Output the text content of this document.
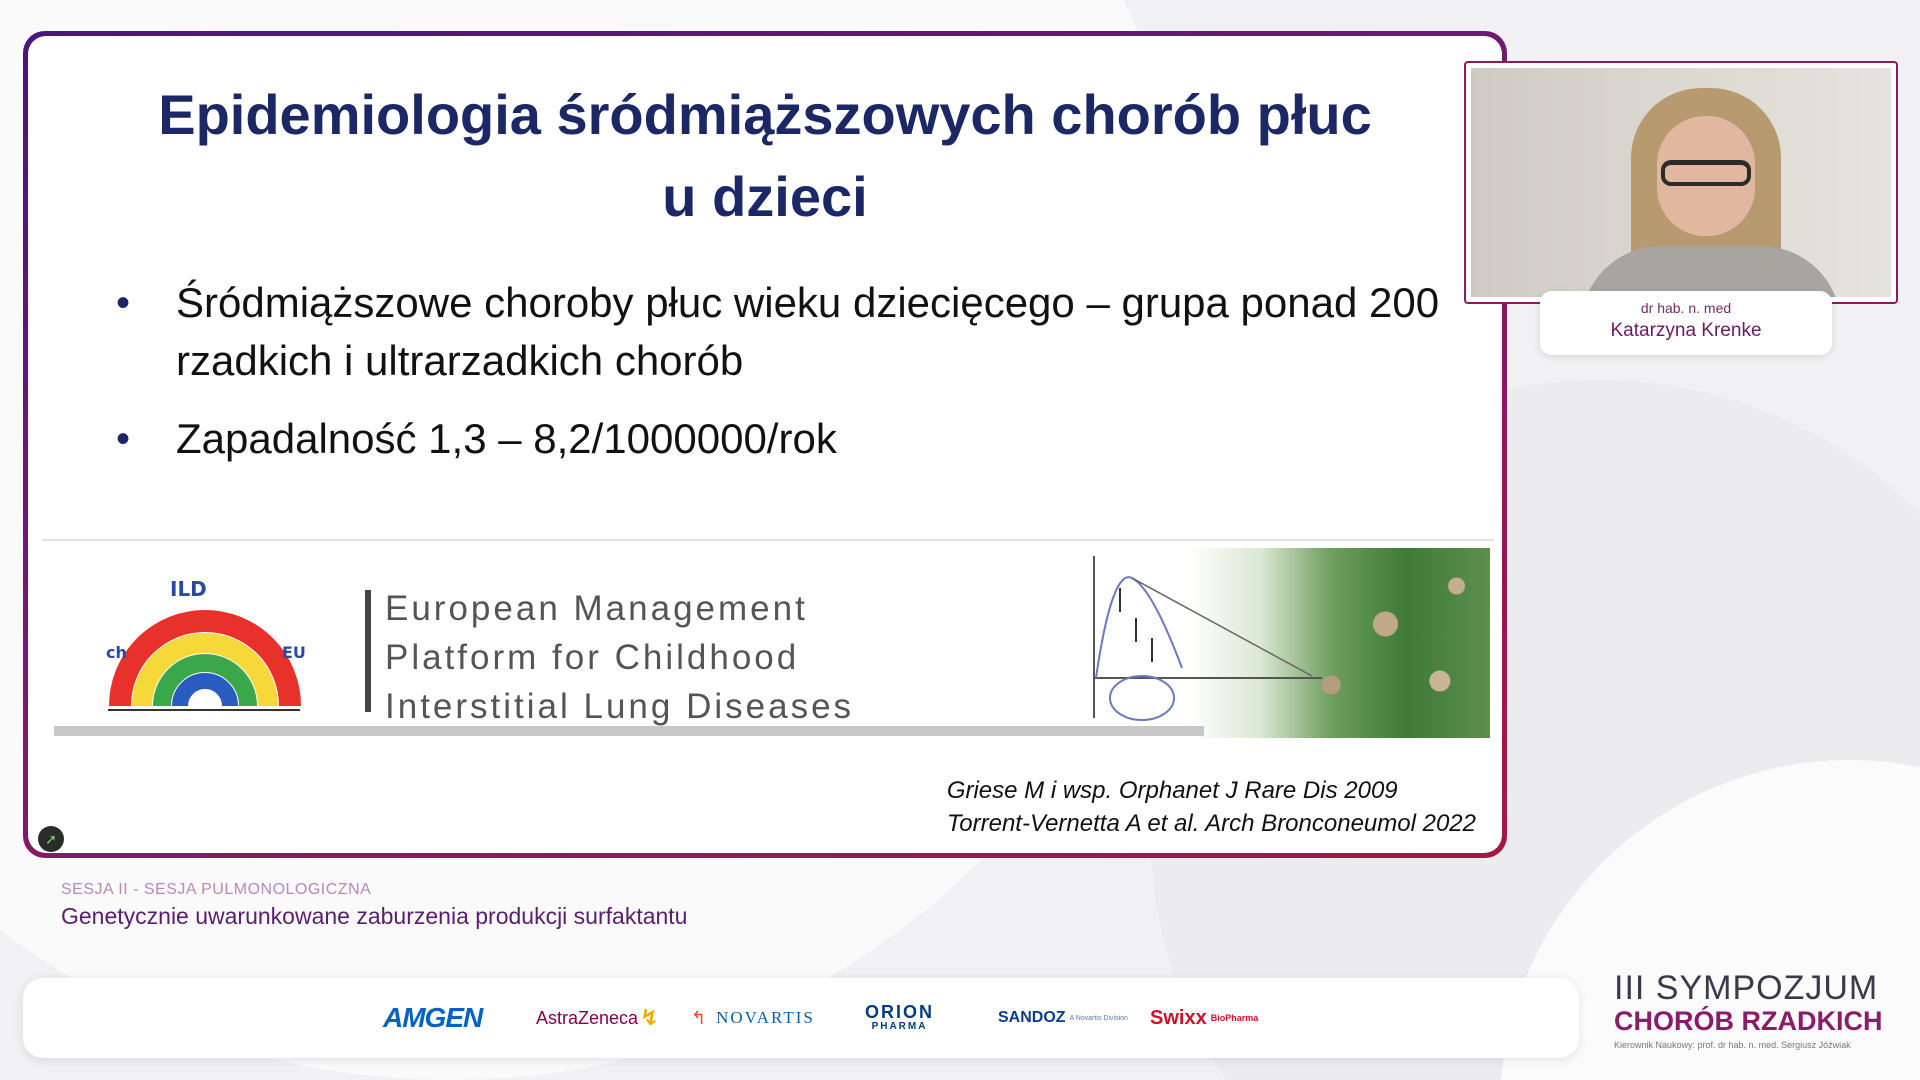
Epidemiologia śródmiąższowych chorób płuc
u dzieci
• Śródmiąższowe choroby płuc wieku dziecięcego – grupa ponad 200 rzadkich i ultrarzadkich chorób
• Zapadalność 1,3 – 8,2/1000000/rok
ILD
ch	EU
European Management
Platform for Childhood
Interstitial Lung Diseases
Griese M i wsp. Orphanet J Rare Dis 2009
Torrent-Vernetta A et al. Arch Bronconeumol 2022
➚
dr hab. n. med
Katarzyna Krenke
SESJA II - SESJA PULMONOLOGICZNA
Genetycznie uwarunkowane zaburzenia produkcji surfaktantu
AMGEN	AstraZeneca ↯ ↰ NOVARTIS	ORION
PHARMA
SANDOZ A Novartis Division Swixx BioPharma
III SYMPOZJUM
CHORÓB RZADKICH
Kierownik Naukowy: prof. dr hab. n. med. Sergiusz Jóźwiak
